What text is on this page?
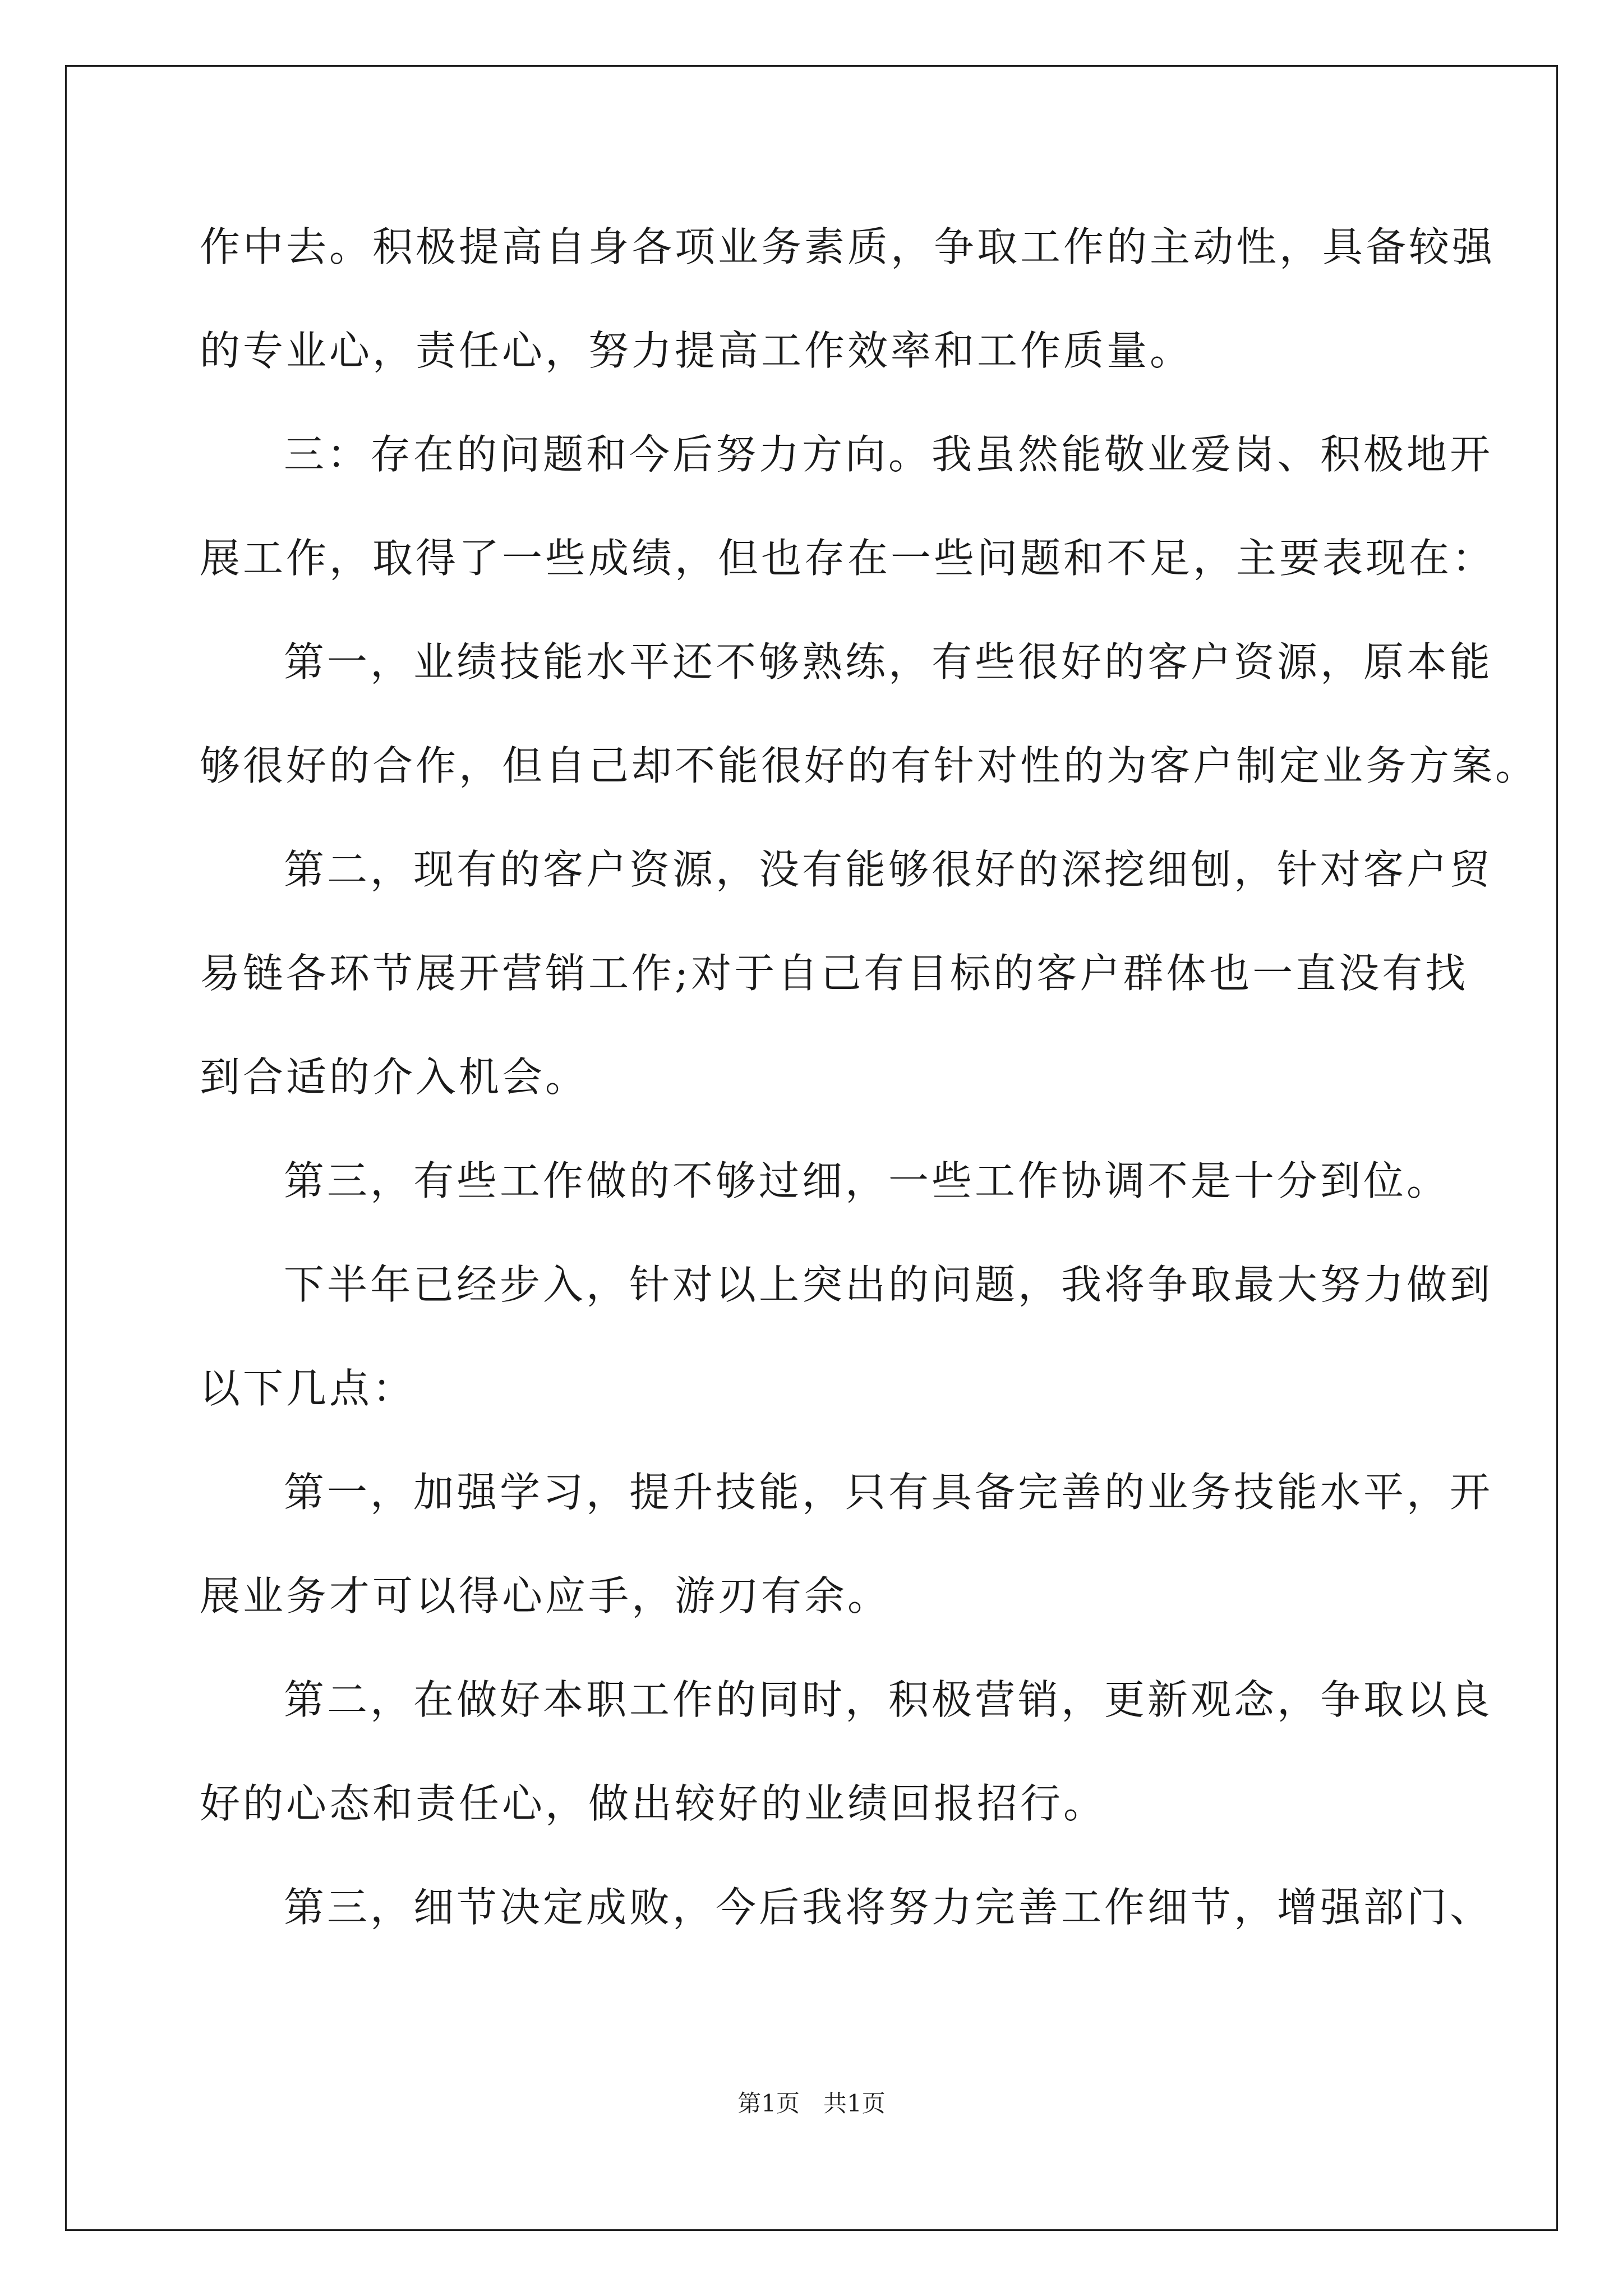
作中去。积极提高自身各项业务素质，争取工作的主动性，具备较强
的专业心，责任心，努力提高工作效率和工作质量。
三：存在的问题和今后努力方向。我虽然能敬业爱岗、积极地开
展工作，取得了一些成绩，但也存在一些问题和不足，主要表现在：
第一，业绩技能水平还不够熟练，有些很好的客户资源，原本能
够很好的合作，但自己却不能很好的有针对性的为客户制定业务方案。
第二，现有的客户资源，没有能够很好的深挖细刨，针对客户贸
易链各环节展开营销工作;对于自己有目标的客户群体也一直没有找
到合适的介入机会。
第三，有些工作做的不够过细，一些工作协调不是十分到位。
下半年已经步入，针对以上突出的问题，我将争取最大努力做到
以下几点：
第一，加强学习，提升技能，只有具备完善的业务技能水平，开
展业务才可以得心应手，游刃有余。
第二，在做好本职工作的同时，积极营销，更新观念，争取以良
好的心态和责任心，做出较好的业绩回报招行。
第三，细节决定成败，今后我将努力完善工作细节，增强部门、
第1页　共1页
